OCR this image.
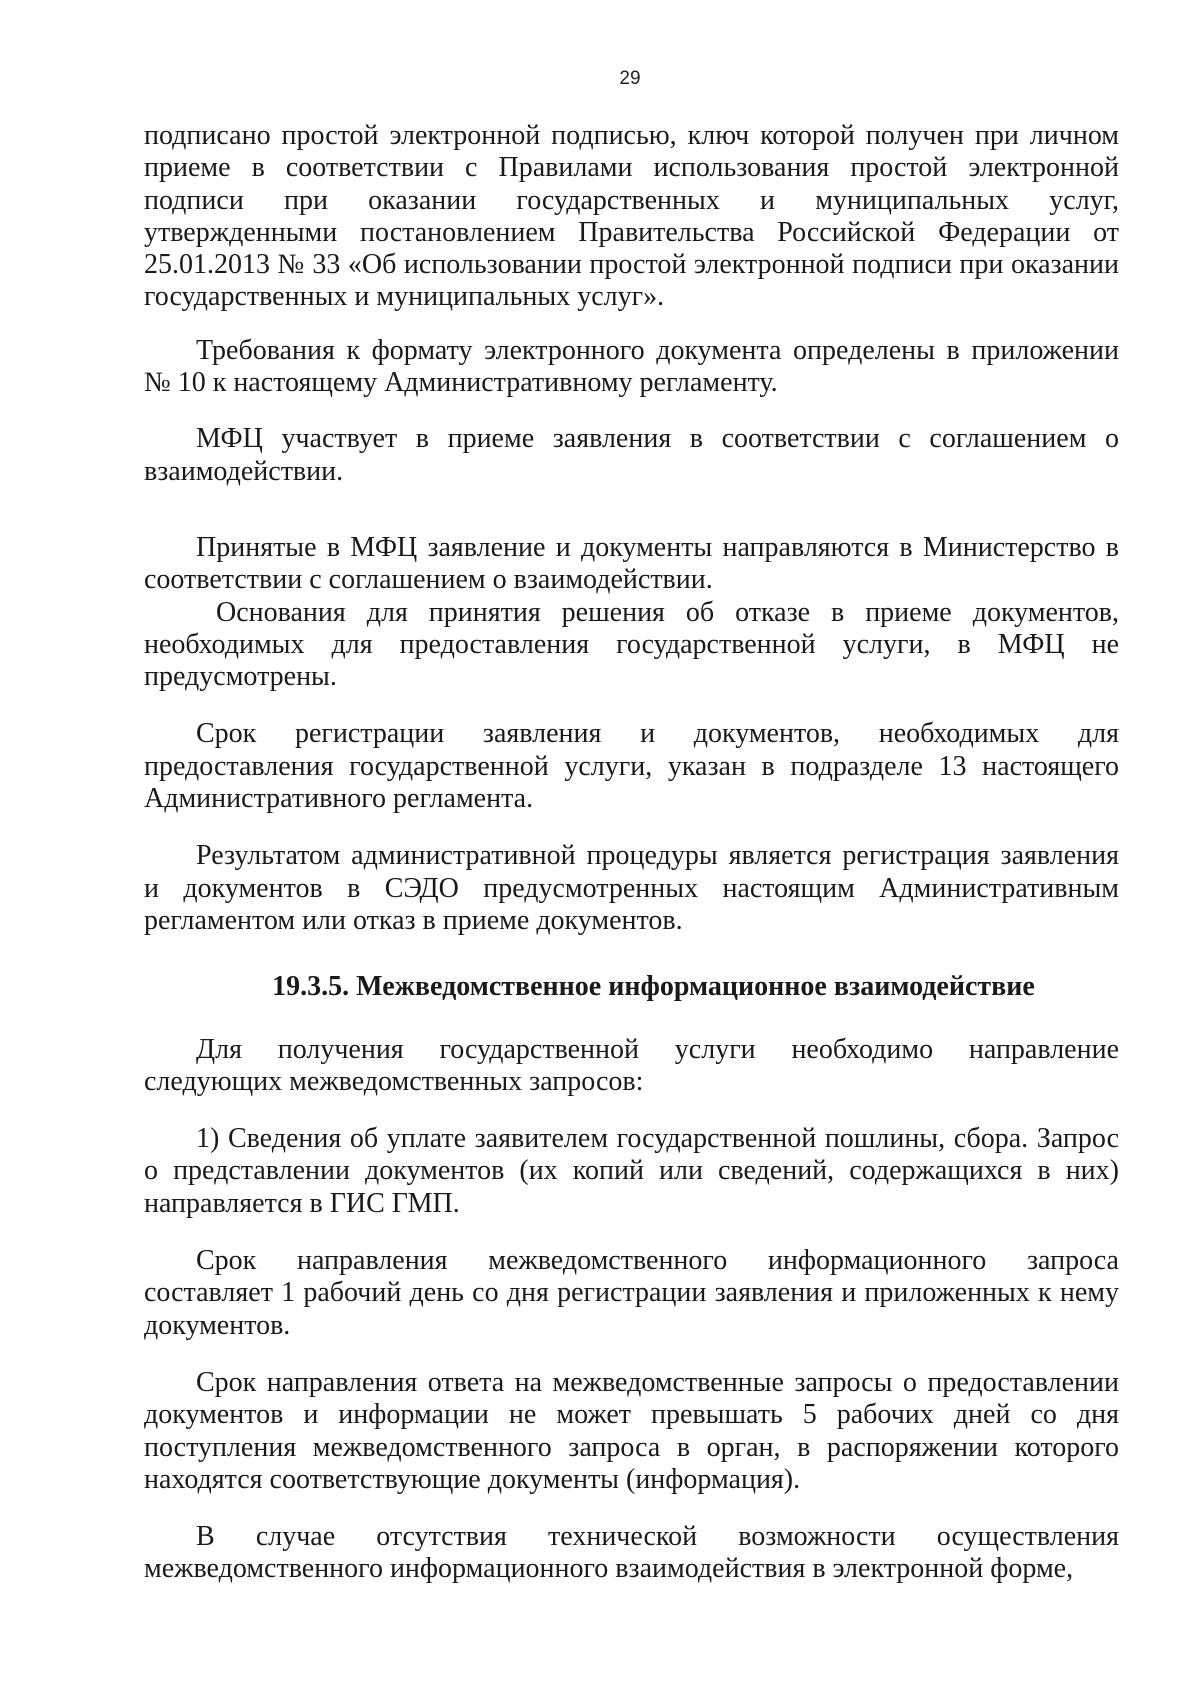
29

подписано простой электронной подписью, ключ которой получен при личном приеме в соответствии с Правилами использования простой электронной подписи при оказании государственных и муниципальных услуг, утвержденными постановлением Правительства Российской Федерации от 25.01.2013 № 33 «Об использовании простой электронной подписи при оказании государственных и муниципальных услуг».

Требования к формату электронного документа определены в приложении № 10 к настоящему Административному регламенту.

МФЦ участвует в приеме заявления в соответствии с соглашением о взаимодействии.

Принятые в МФЦ заявление и документы направляются в Министерство в соответствии с соглашением о взаимодействии.

Основания для принятия решения об отказе в приеме документов, необходимых для предоставления государственной услуги, в МФЦ не предусмотрены.

Срок регистрации заявления и документов, необходимых для предоставления государственной услуги, указан в подразделе 13 настоящего Административного регламента.

Результатом административной процедуры является регистрация заявления и документов в СЭДО предусмотренных настоящим Административным регламентом или отказ в приеме документов.

19.3.5. Межведомственное информационное взаимодействие

Для получения государственной услуги необходимо направление следующих межведомственных запросов:

1) Сведения об уплате заявителем государственной пошлины, сбора. Запрос о представлении документов (их копий или сведений, содержащихся в них) направляется в ГИС ГМП.

Срок направления межведомственного информационного запроса составляет 1 рабочий день со дня регистрации заявления и приложенных к нему документов.

Срок направления ответа на межведомственные запросы о предоставлении документов и информации не может превышать 5 рабочих дней со дня поступления межведомственного запроса в орган, в распоряжении которого находятся соответствующие документы (информация).

В случае отсутствия технической возможности осуществления межведомственного информационного взаимодействия в электронной форме,
